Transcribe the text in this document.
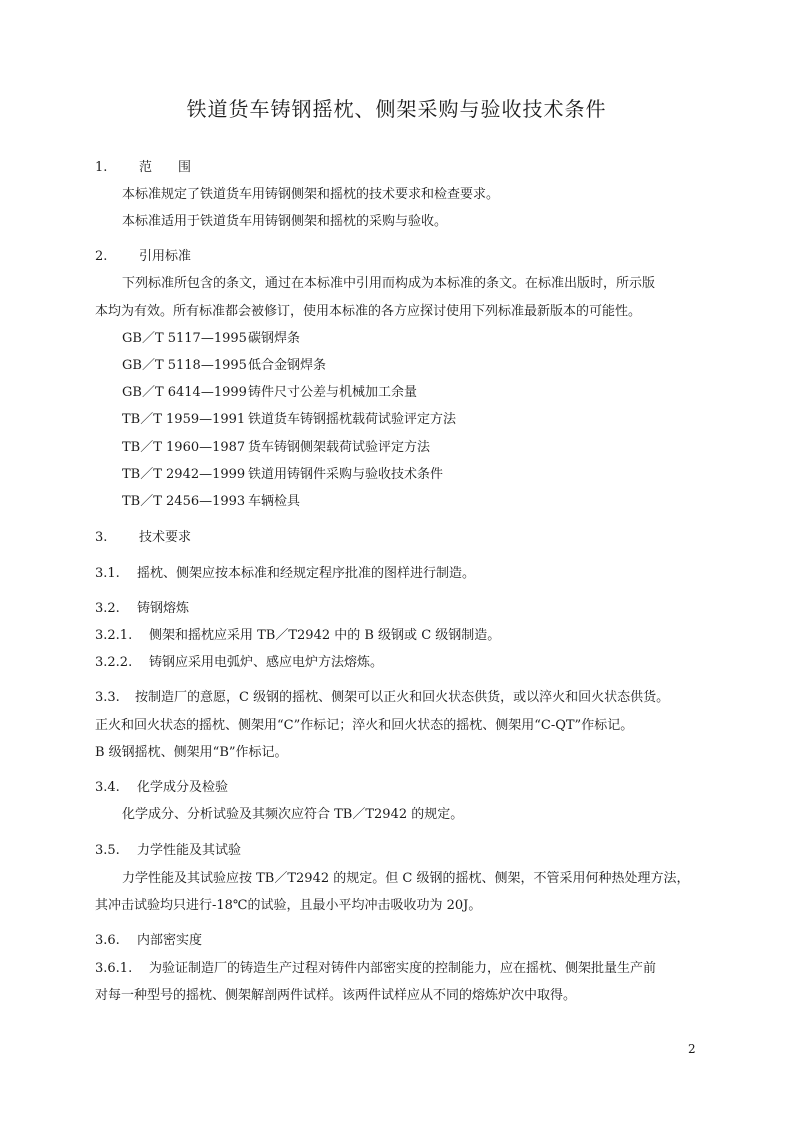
铁道货车铸钢摇枕、侧架采购与验收技术条件
1. 范　　围
本标准规定了铁道货车用铸钢侧架和摇枕的技术要求和检查要求。
本标准适用于铁道货车用铸钢侧架和摇枕的采购与验收。
2. 引用标准
下列标准所包含的条文，通过在本标准中引用而构成为本标准的条文。在标准出版时，所示版
本均为有效。所有标准都会被修订，使用本标准的各方应探讨使用下列标准最新版本的可能性。
GB／T 5117—1995碳钢焊条
GB／T 5118—1995低合金钢焊条
GB／T 6414—1999铸件尺寸公差与机械加工余量
TB／T 1959—1991 铁道货车铸钢摇枕载荷试验评定方法
TB／T 1960—1987 货车铸钢侧架载荷试验评定方法
TB／T 2942—1999 铁道用铸钢件采购与验收技术条件
TB／T 2456—1993 车辆检具
3. 技术要求
3.1. 摇枕、侧架应按本标准和经规定程序批准的图样进行制造。
3.2. 铸钢熔炼
3.2.1. 侧架和摇枕应采用 TB／T2942 中的 B 级钢或 C 级钢制造。
3.2.2. 铸钢应采用电弧炉、感应电炉方法熔炼。
3.3. 按制造厂的意愿，C 级钢的摇枕、侧架可以正火和回火状态供货，或以淬火和回火状态供货。
正火和回火状态的摇枕、侧架用“C”作标记；淬火和回火状态的摇枕、侧架用“C-QT”作标记。
B 级钢摇枕、侧架用“B”作标记。
3.4. 化学成分及检验
化学成分、分析试验及其频次应符合 TB／T2942 的规定。
3.5. 力学性能及其试验
力学性能及其试验应按 TB／T2942 的规定。但 C 级钢的摇枕、侧架，不管采用何种热处理方法，
其冲击试验均只进行-18℃的试验，且最小平均冲击吸收功为 20J。
3.6. 内部密实度
3.6.1. 为验证制造厂的铸造生产过程对铸件内部密实度的控制能力，应在摇枕、侧架批量生产前
对每一种型号的摇枕、侧架解剖两件试样。该两件试样应从不同的熔炼炉次中取得。
2
